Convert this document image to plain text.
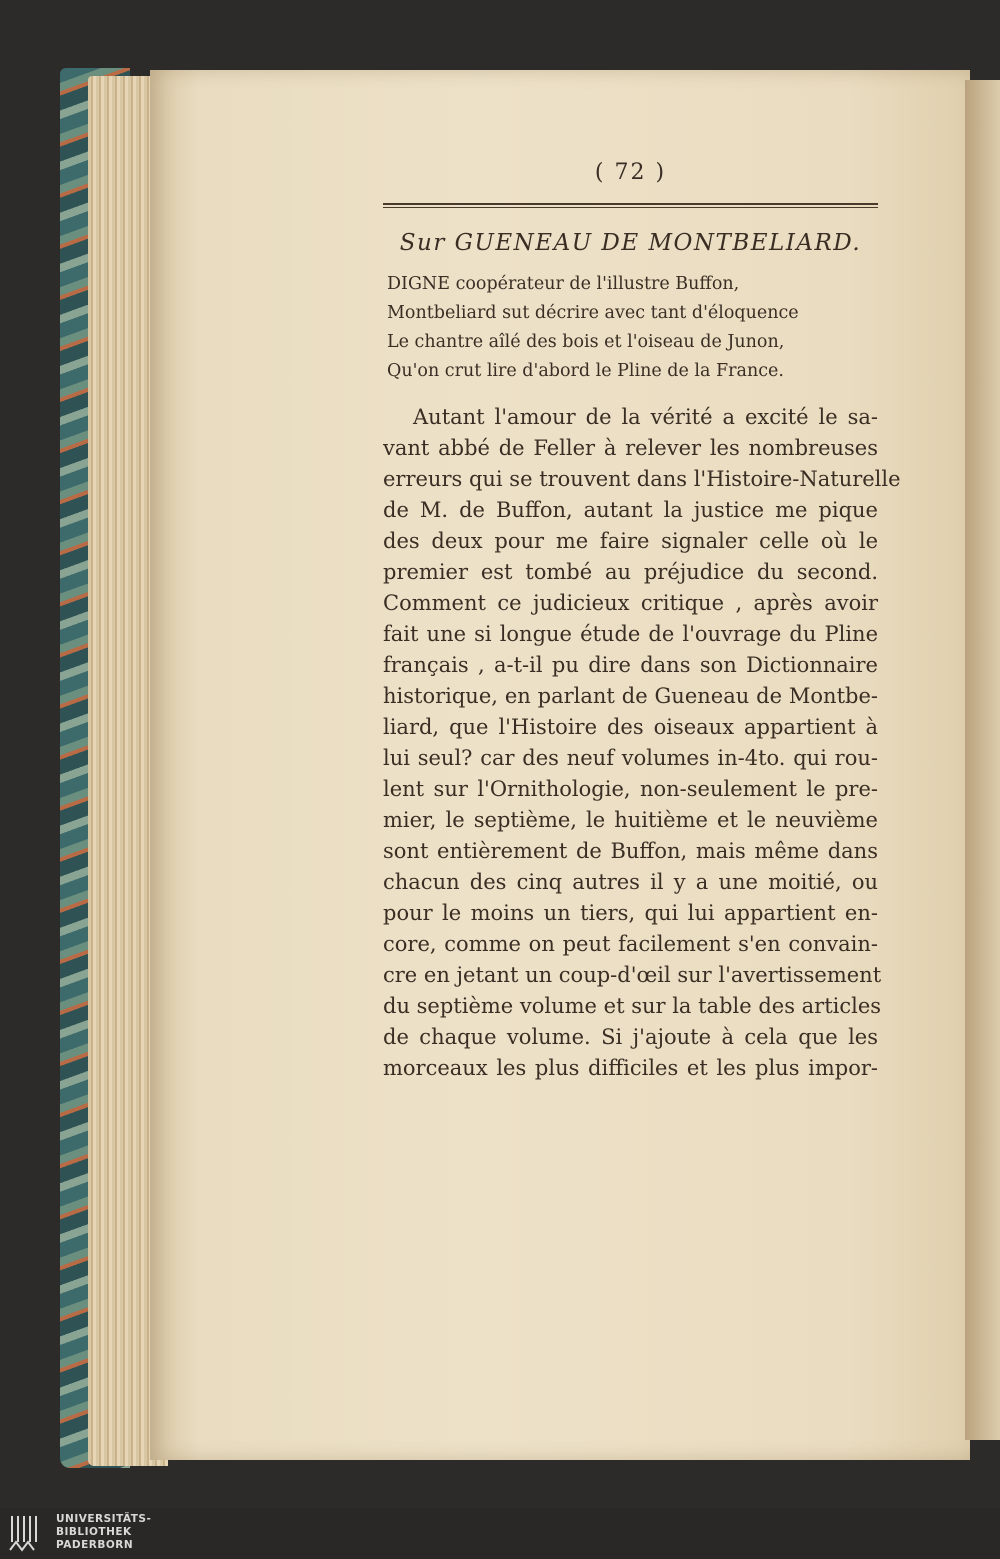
( 72 )
Sur GUENEAU DE MONTBELIARD.

DIGNE coopérateur de l'illustre Buffon,

Montbeliard sut décrire avec tant d'éloquence

Le chantre aîlé des bois et l'oiseau de Junon,

Qu'on crut lire d'abord le Pline de la France.

Autant l'amour de la vérité a excité le sa-
vant abbé de Feller à relever les nombreuses
erreurs qui se trouvent dans l'Histoire-Naturelle
de M. de Buffon, autant la justice me pique
des deux pour me faire signaler celle où le
premier est tombé au préjudice du second.
Comment ce judicieux critique , après avoir
fait une si longue étude de l'ouvrage du Pline
français , a-t-il pu dire dans son Dictionnaire
historique, en parlant de Gueneau de Montbe-
liard, que l'Histoire des oiseaux appartient à
lui seul? car des neuf volumes in-4to. qui rou-
lent sur l'Ornithologie, non-seulement le pre-
mier, le septième, le huitième et le neuvième
sont entièrement de Buffon, mais même dans
chacun des cinq autres il y a une moitié, ou
pour le moins un tiers, qui lui appartient en-
core, comme on peut facilement s'en convain-
cre en jetant un coup-d'œil sur l'avertissement
du septième volume et sur la table des articles
de chaque volume. Si j'ajoute à cela que les
morceaux les plus difficiles et les plus impor-
UNIVERSITÄTS-
BIBLIOTHEK
PADERBORN
